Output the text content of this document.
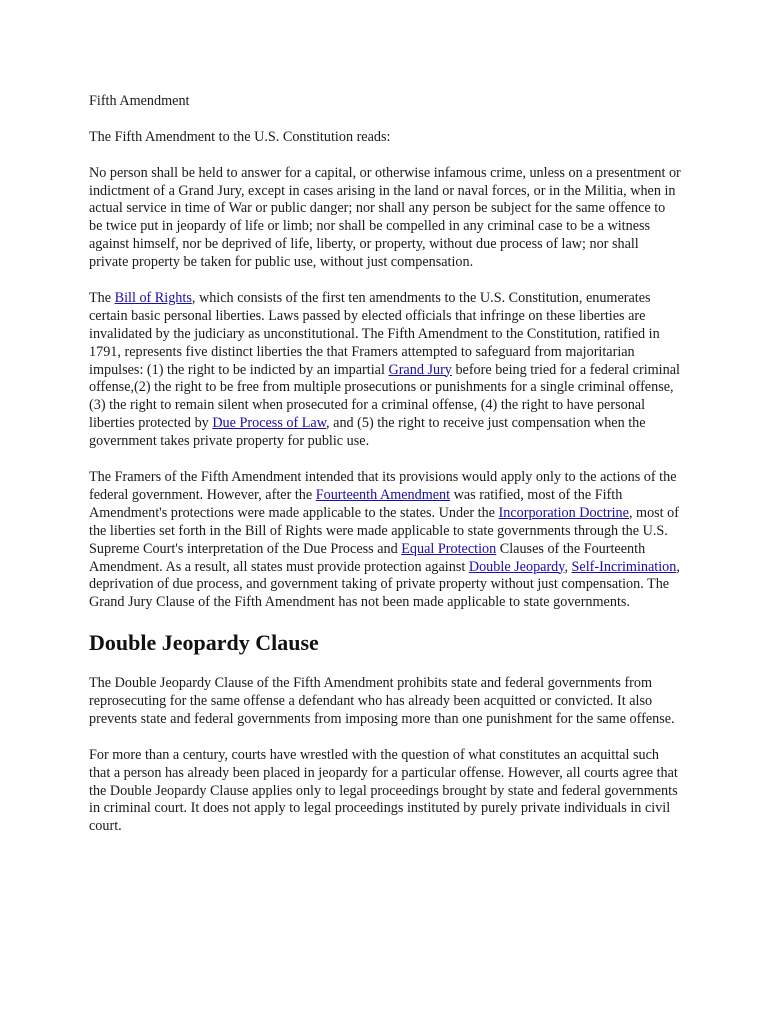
Fifth Amendment

The Fifth Amendment to the U.S. Constitution reads:

No person shall be held to answer for a capital, or otherwise infamous crime, unless on a presentment or indictment of a Grand Jury, except in cases arising in the land or naval forces, or in the Militia, when in actual service in time of War or public danger; nor shall any person be subject for the same offence to be twice put in jeopardy of life or limb; nor shall be compelled in any criminal case to be a witness against himself, nor be deprived of life, liberty, or property, without due process of law; nor shall private property be taken for public use, without just compensation.

The Bill of Rights, which consists of the first ten amendments to the U.S. Constitution, enumerates certain basic personal liberties. Laws passed by elected officials that infringe on these liberties are invalidated by the judiciary as unconstitutional. The Fifth Amendment to the Constitution, ratified in 1791, represents five distinct liberties the that Framers attempted to safeguard from majoritarian impulses: (1) the right to be indicted by an impartial Grand Jury before being tried for a federal criminal offense,(2) the right to be free from multiple prosecutions or punishments for a single criminal offense, (3) the right to remain silent when prosecuted for a criminal offense, (4) the right to have personal liberties protected by Due Process of Law, and (5) the right to receive just compensation when the government takes private property for public use.

The Framers of the Fifth Amendment intended that its provisions would apply only to the actions of the federal government. However, after the Fourteenth Amendment was ratified, most of the Fifth Amendment's protections were made applicable to the states. Under the Incorporation Doctrine, most of the liberties set forth in the Bill of Rights were made applicable to state governments through the U.S. Supreme Court's interpretation of the Due Process and Equal Protection Clauses of the Fourteenth Amendment. As a result, all states must provide protection against Double Jeopardy, Self-Incrimination, deprivation of due process, and government taking of private property without just compensation. The Grand Jury Clause of the Fifth Amendment has not been made applicable to state governments.

Double Jeopardy Clause

The Double Jeopardy Clause of the Fifth Amendment prohibits state and federal governments from reprosecuting for the same offense a defendant who has already been acquitted or convicted. It also prevents state and federal governments from imposing more than one punishment for the same offense.

For more than a century, courts have wrestled with the question of what constitutes an acquittal such that a person has already been placed in jeopardy for a particular offense. However, all courts agree that the Double Jeopardy Clause applies only to legal proceedings brought by state and federal governments in criminal court. It does not apply to legal proceedings instituted by purely private individuals in civil court.
